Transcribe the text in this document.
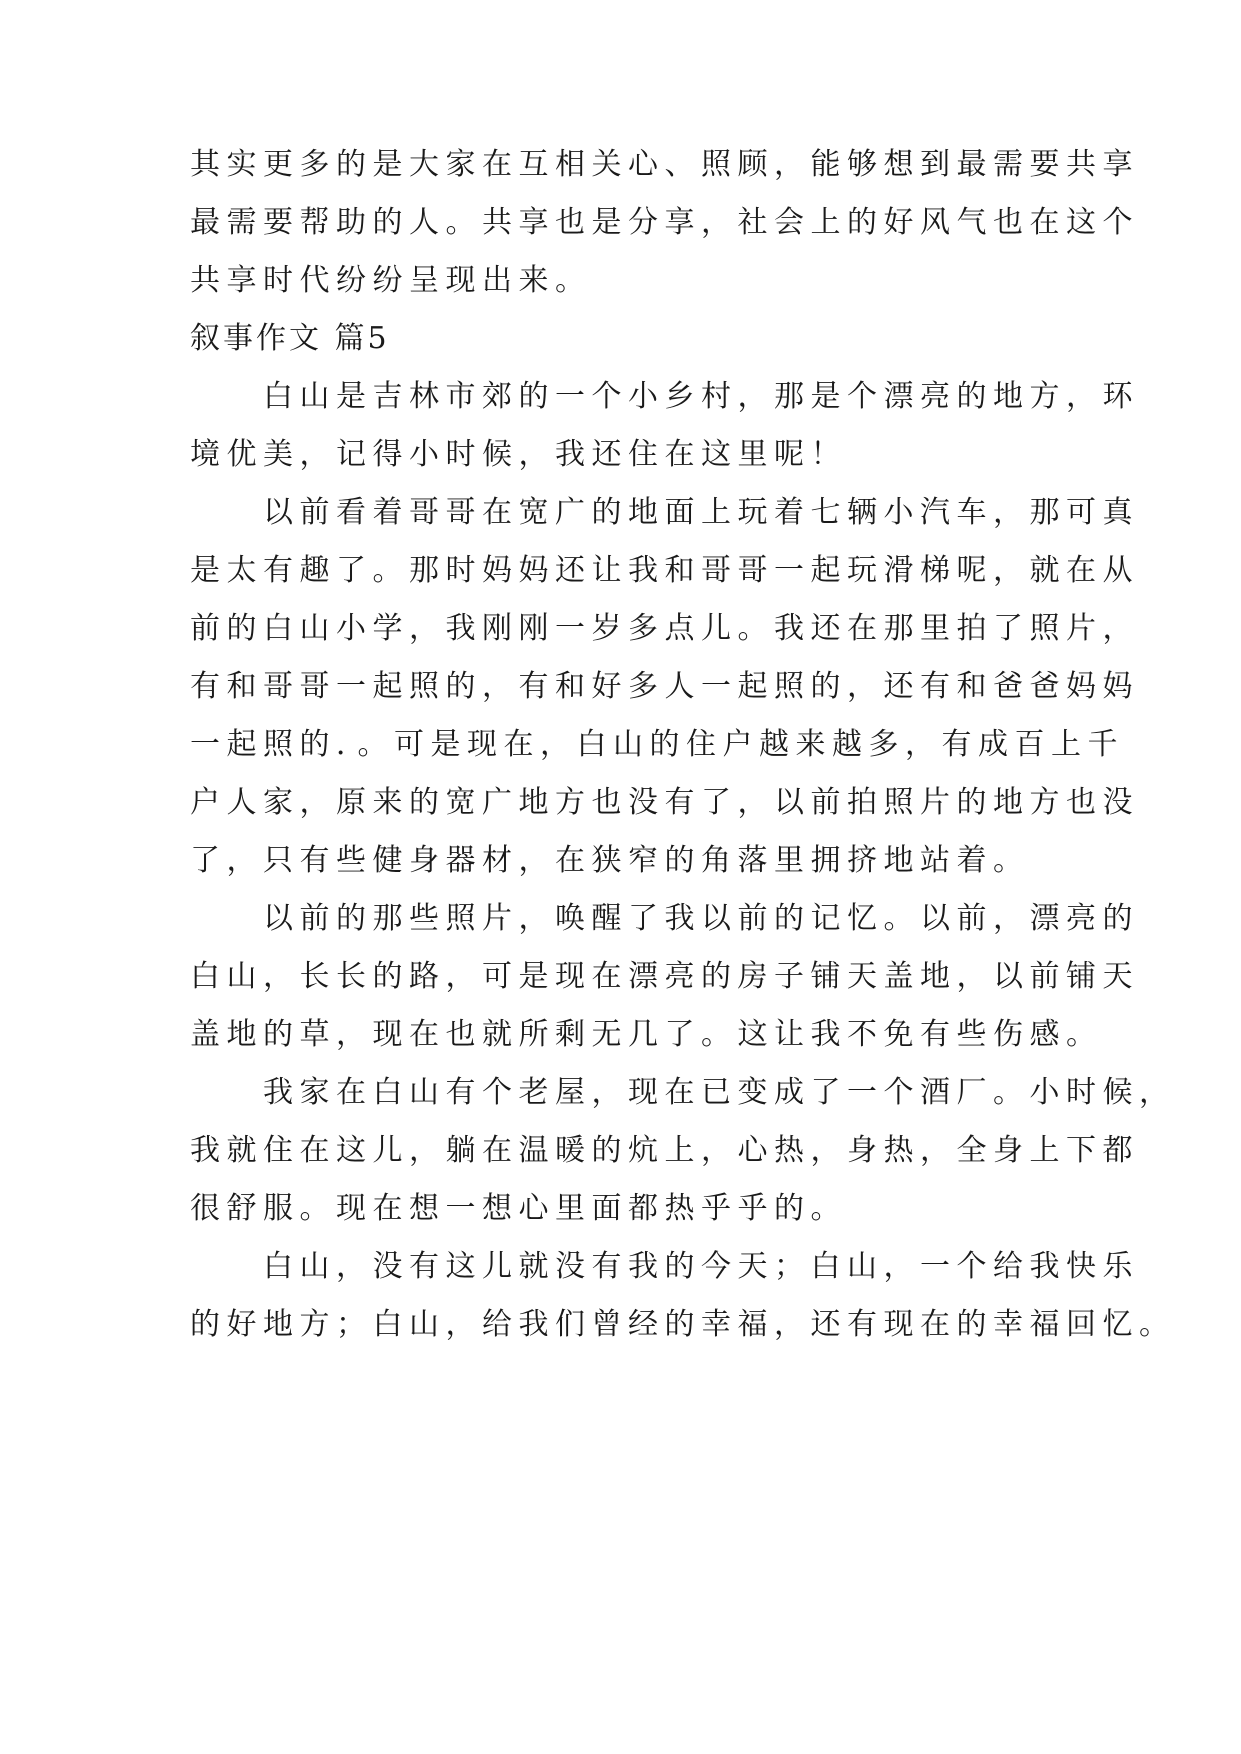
其实更多的是大家在互相关心、照顾，能够想到最需要共享
最需要帮助的人。共享也是分享，社会上的好风气也在这个
共享时代纷纷呈现出来。
叙事作文 篇5
　　白山是吉林市郊的一个小乡村，那是个漂亮的地方，环
境优美，记得小时候，我还住在这里呢！
　　以前看着哥哥在宽广的地面上玩着七辆小汽车，那可真
是太有趣了。那时妈妈还让我和哥哥一起玩滑梯呢，就在从
前的白山小学，我刚刚一岁多点儿。我还在那里拍了照片，
有和哥哥一起照的，有和好多人一起照的，还有和爸爸妈妈
一起照的．。可是现在，白山的住户越来越多，有成百上千
户人家，原来的宽广地方也没有了，以前拍照片的地方也没
了，只有些健身器材，在狭窄的角落里拥挤地站着。
　　以前的那些照片，唤醒了我以前的记忆。以前，漂亮的
白山，长长的路，可是现在漂亮的房子铺天盖地，以前铺天
盖地的草，现在也就所剩无几了。这让我不免有些伤感。
　　我家在白山有个老屋，现在已变成了一个酒厂。小时候，
我就住在这儿，躺在温暖的炕上，心热，身热，全身上下都
很舒服。现在想一想心里面都热乎乎的。
　　白山，没有这儿就没有我的今天；白山，一个给我快乐
的好地方；白山，给我们曾经的幸福，还有现在的幸福回忆。
